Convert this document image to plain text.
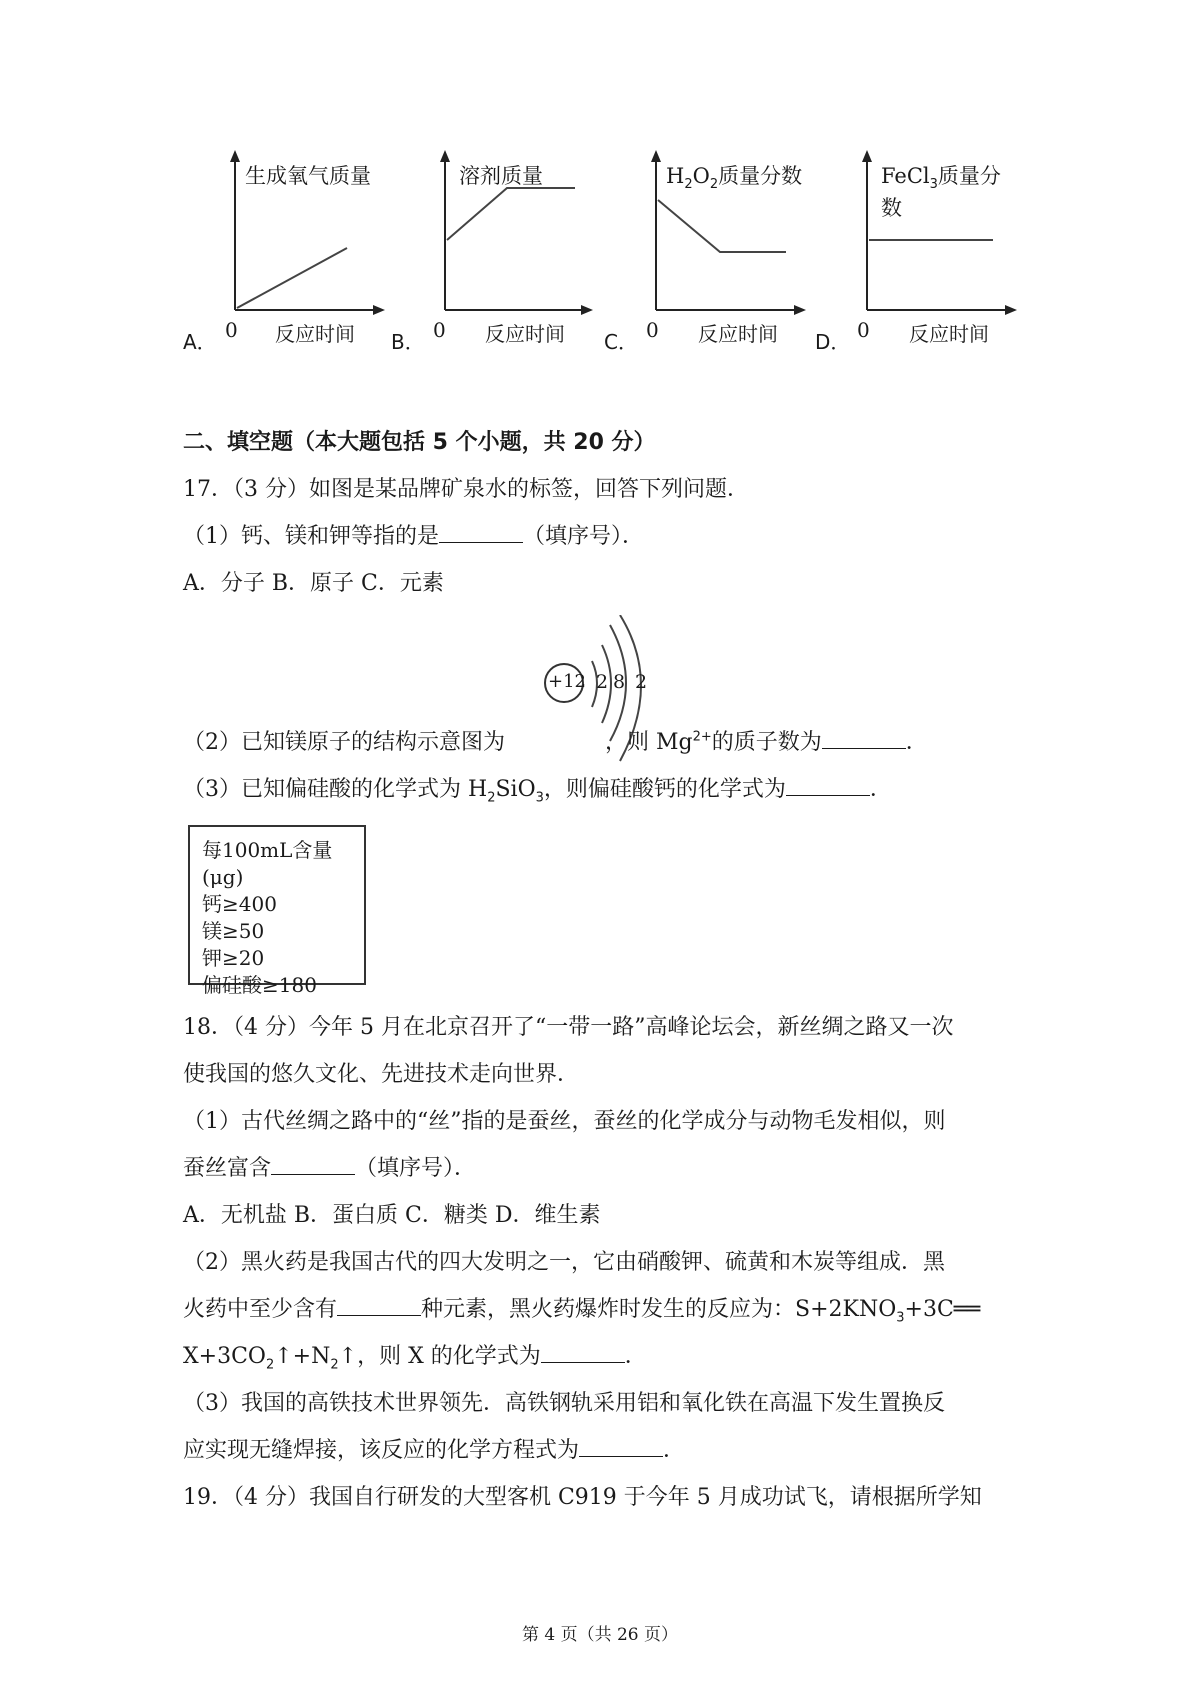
A．
生成氧气质量
0 反应时间 B．
溶剂质量
0 反应时间 C．
$H_2O_2$质量分数
0 反应时间 D．
FeCl$_3$质量分数
0 反应时间
二、填空题（本大题包括 5 个小题，共 20 分）
17．（3 分）如图是某品牌矿泉水的标签，回答下列问题．
（1）钙、镁和钾等指的是	（填序号）．
A．分子 B．原子 C．元素
+12 2 8 2
（2）已知镁原子的结构示意图为	，则 $Mg^{2+}$的质子数为	．
（3）已知偏硅酸的化学式为 $H_2SiO_3$，则偏硅酸钙的化学式为	．
每100mL含量(μg)
钙≥400
镁≥50
钾≥20
偏硅酸≥180
18．（4 分）今年 5 月在北京召开了“一带一路”高峰论坛会，新丝绸之路又一次
使我国的悠久文化、先进技术走向世界．
（1）古代丝绸之路中的“丝”指的是蚕丝，蚕丝的化学成分与动物毛发相似，则
蚕丝富含	（填序号）．
A．无机盐 B．蛋白质 C．糖类 D．维生素
（2）黑火药是我国古代的四大发明之一，它由硝酸钾、硫黄和木炭等组成．黑
火药中至少含有	种元素，黑火药爆炸时发生的反应为：$S+2KNO_3+3C══$
$X+3CO_2↑+N_2↑$，则 X 的化学式为	．
（3）我国的高铁技术世界领先．高铁钢轨采用铝和氧化铁在高温下发生置换反
应实现无缝焊接，该反应的化学方程式为	．
19．（4 分）我国自行研发的大型客机 C919 于今年 5 月成功试飞，请根据所学知
第 4 页（共 26 页）
